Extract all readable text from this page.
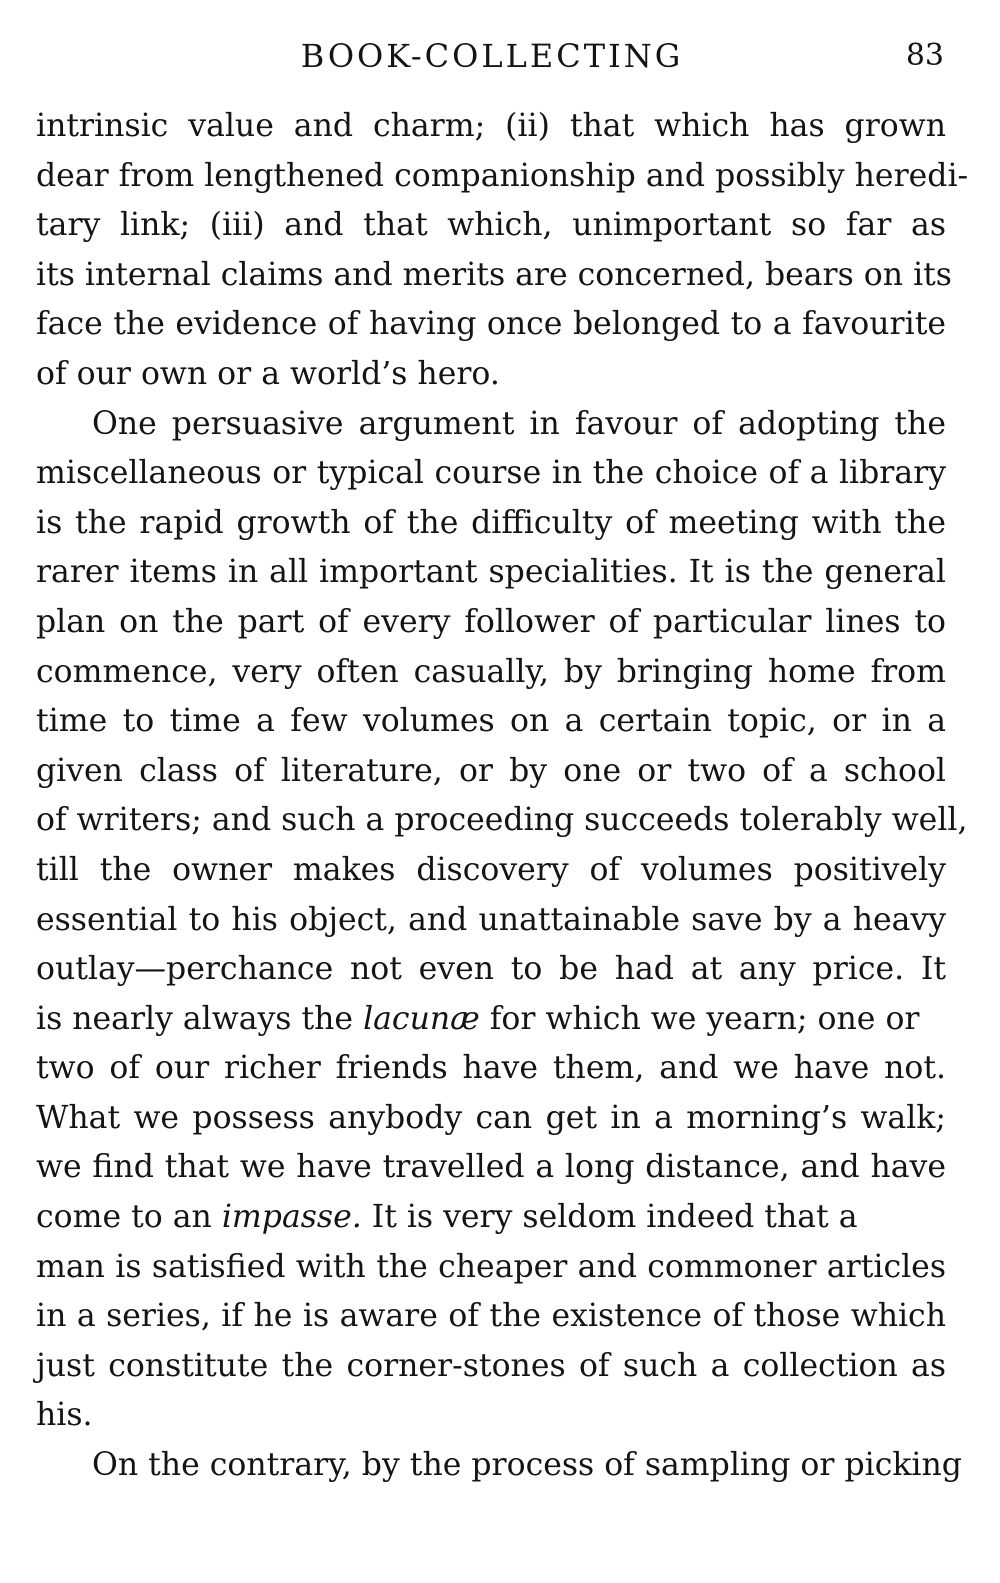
BOOK-COLLECTING	83
intrinsic value and charm; (ii) that which has grown
dear from lengthened companionship and possibly heredi-
tary link; (iii) and that which, unimportant so far as
its internal claims and merits are concerned, bears on its
face the evidence of having once belonged to a favourite
of our own or a world’s hero.
One persuasive argument in favour of adopting the
miscellaneous or typical course in the choice of a library
is the rapid growth of the difficulty of meeting with the
rarer items in all important specialities. It is the general
plan on the part of every follower of particular lines to
commence, very often casually, by bringing home from
time to time a few volumes on a certain topic, or in a
given class of literature, or by one or two of a school
of writers; and such a proceeding succeeds tolerably well,
till the owner makes discovery of volumes positively
essential to his object, and unattainable save by a heavy
outlay—perchance not even to be had at any price. It
is nearly always the lacunæ for which we yearn; one or
two of our richer friends have them, and we have not.
What we possess anybody can get in a morning’s walk;
we find that we have travelled a long distance, and have
come to an impasse. It is very seldom indeed that a
man is satisfied with the cheaper and commoner articles
in a series, if he is aware of the existence of those which
just constitute the corner-stones of such a collection as
his.
On the contrary, by the process of sampling or picking
